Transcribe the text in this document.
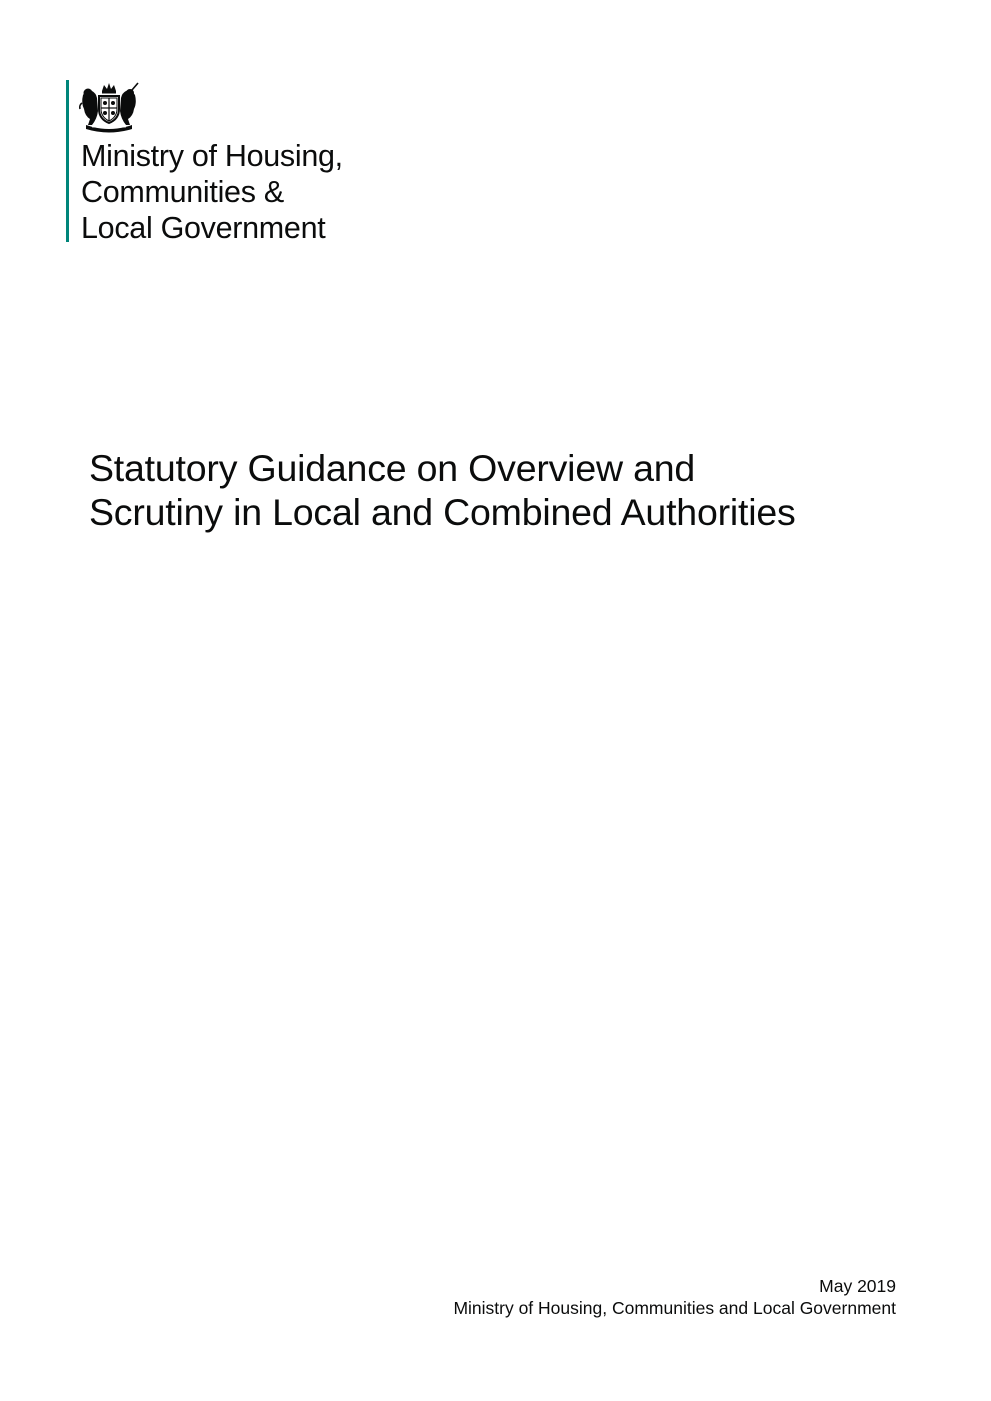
Ministry of Housing,
Communities &
Local Government
Statutory Guidance on Overview and
Scrutiny in Local and Combined Authorities
May 2019
Ministry of Housing, Communities and Local Government
